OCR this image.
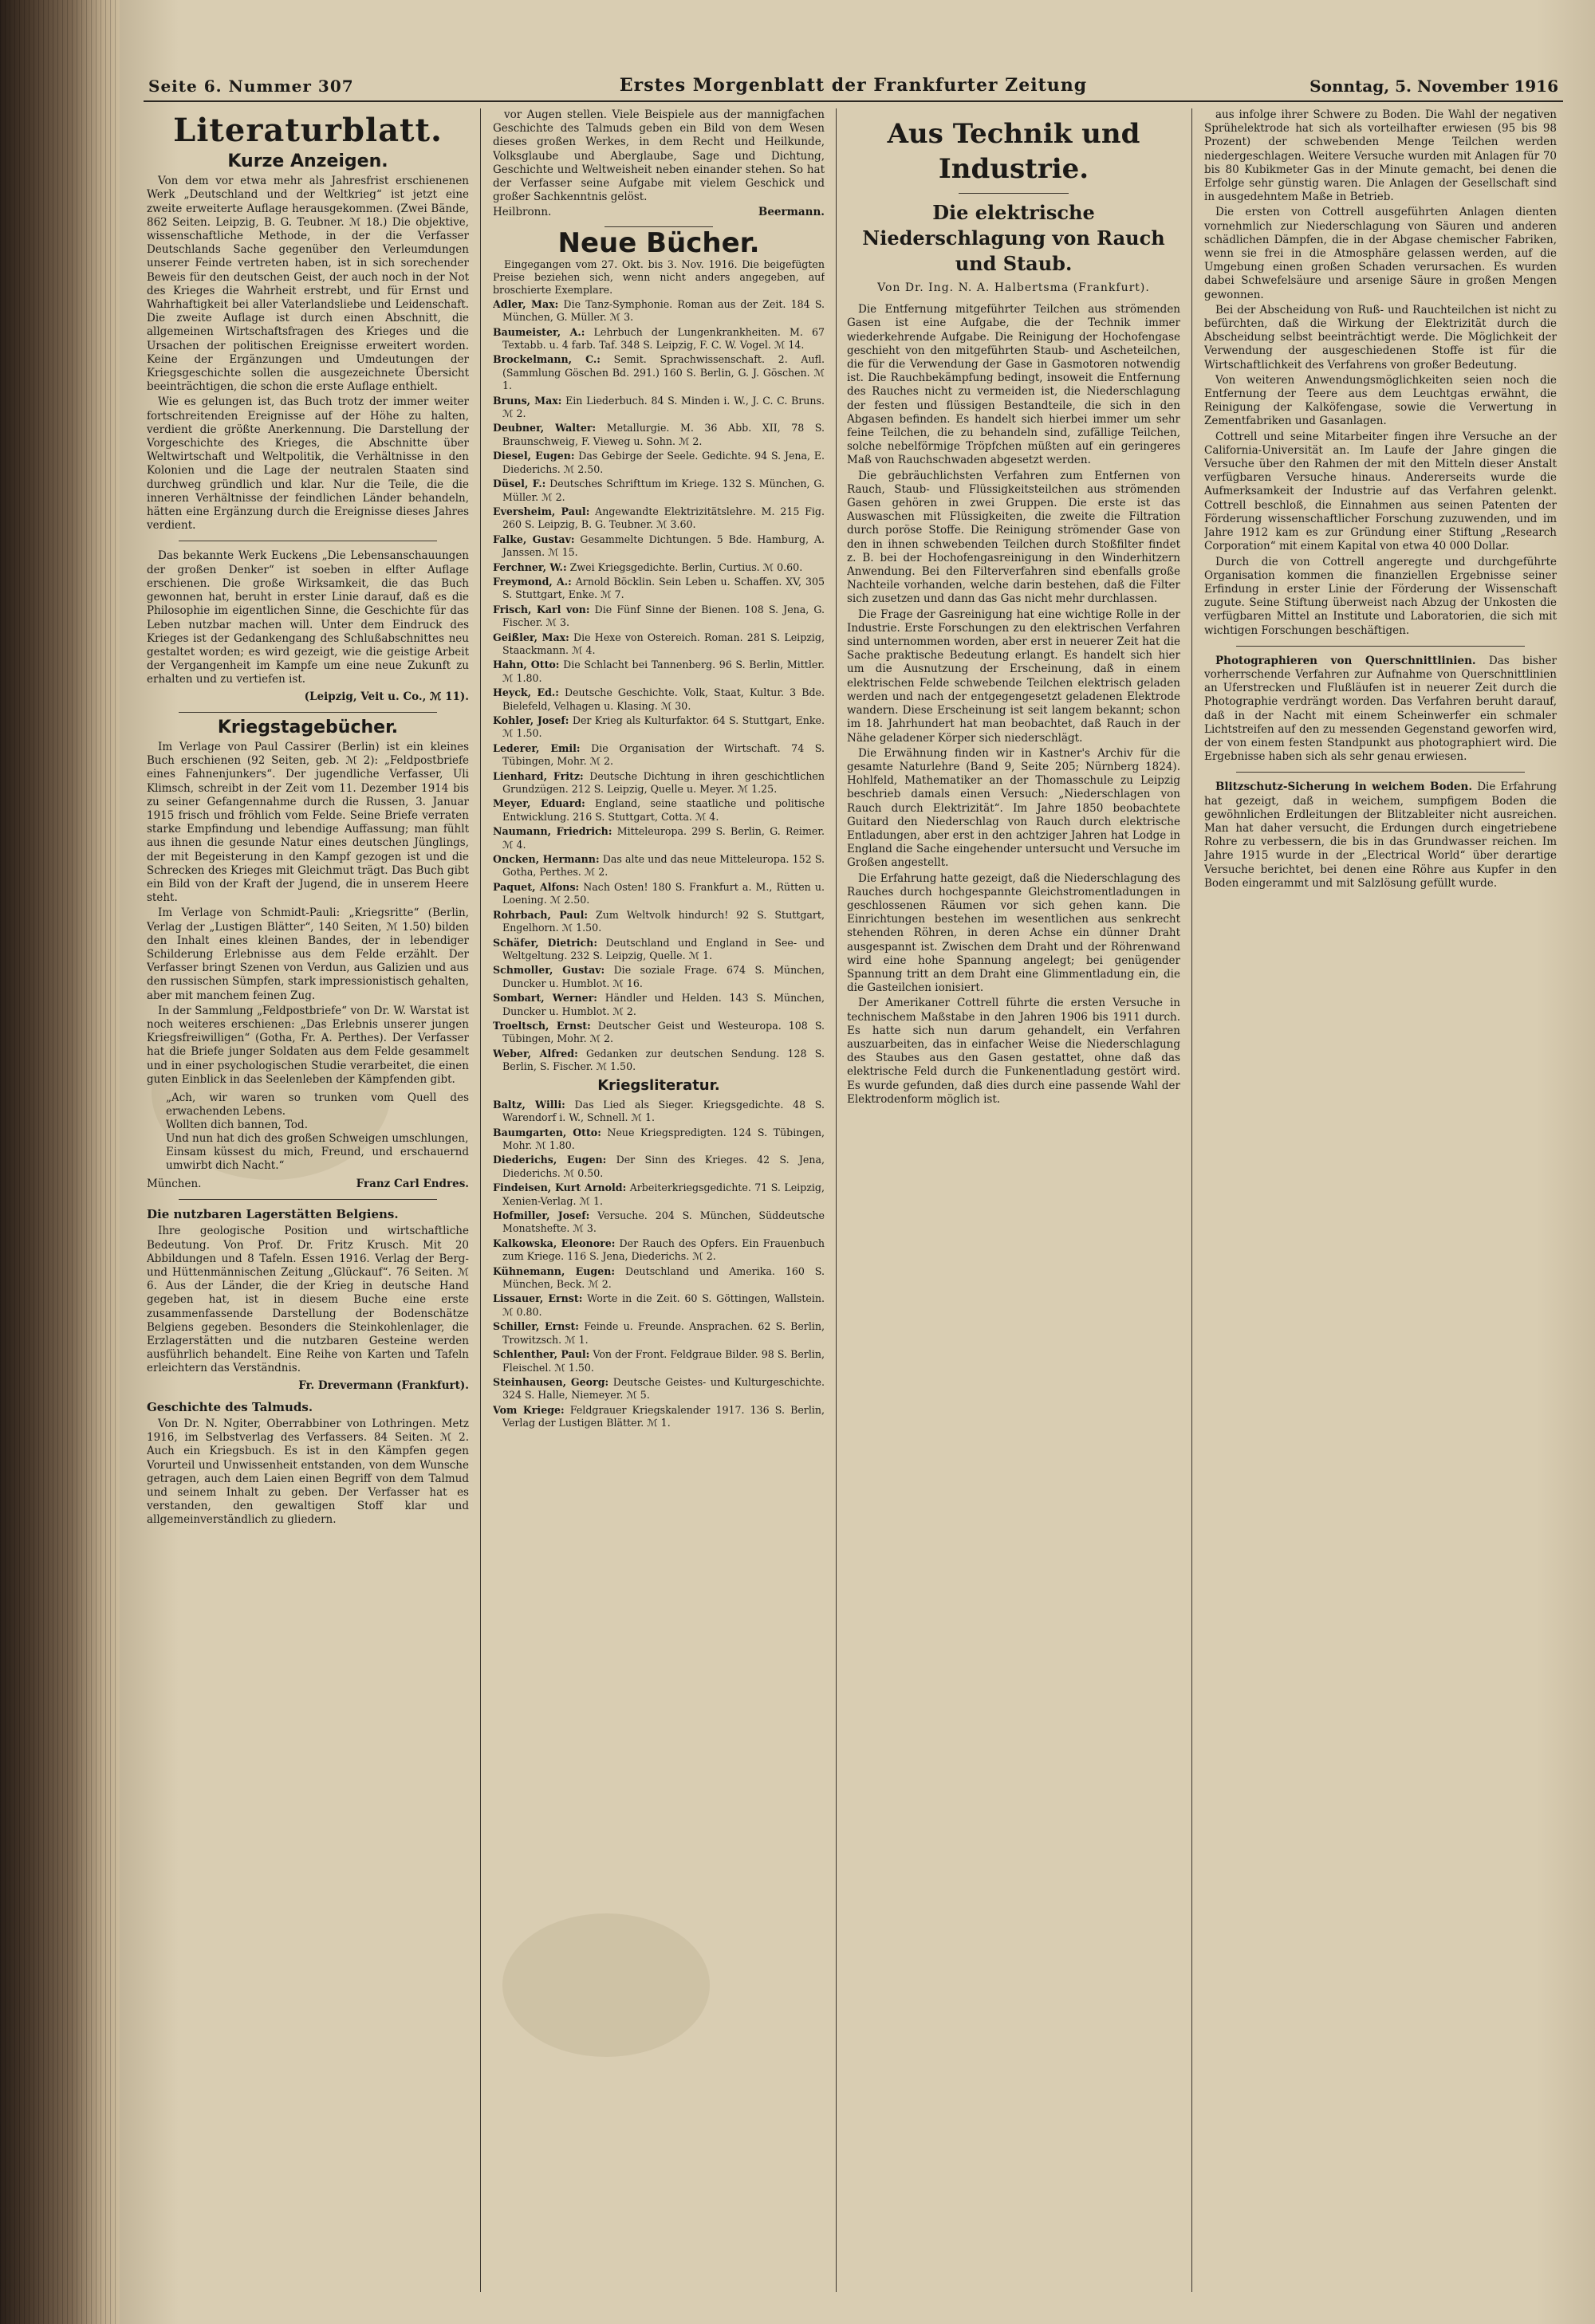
Seite 6. Nummer 307	Erstes Morgenblatt der Frankfurter Zeitung	Sonntag, 5. November 1916
Literaturblatt.
Kurze Anzeigen.

Von dem vor etwa mehr als Jahresfrist erschienenen Werk „Deutschland und der Weltkrieg“ ist jetzt eine zweite erweiterte Auflage herausgekommen. (Zwei Bände, 862 Seiten. Leipzig, B. G. Teubner. ℳ 18.) Die objektive, wissenschaftliche Methode, in der die Verfasser Deutschlands Sache gegenüber den Verleumdungen unserer Feinde vertreten haben, ist in sich sorechender Beweis für den deutschen Geist, der auch noch in der Not des Krieges die Wahrheit erstrebt, und für Ernst und Wahrhaftigkeit bei aller Vaterlandsliebe und Leidenschaft. Die zweite Auflage ist durch einen Abschnitt, die allgemeinen Wirtschaftsfragen des Krieges und die Ursachen der politischen Ereignisse erweitert worden. Keine der Ergänzungen und Umdeutungen der Kriegsgeschichte sollen die ausgezeichnete Übersicht beeinträchtigen, die schon die erste Auflage enthielt.

Wie es gelungen ist, das Buch trotz der immer weiter fortschreitenden Ereignisse auf der Höhe zu halten, verdient die größte Anerkennung. Die Darstellung der Vorgeschichte des Krieges, die Abschnitte über Weltwirtschaft und Weltpolitik, die Verhältnisse in den Kolonien und die Lage der neutralen Staaten sind durchweg gründlich und klar. Nur die Teile, die die inneren Verhältnisse der feindlichen Länder behandeln, hätten eine Ergänzung durch die Ereignisse dieses Jahres verdient.

Das bekannte Werk Euckens „Die Lebensanschauungen der großen Denker“ ist soeben in elfter Auflage erschienen. Die große Wirksamkeit, die das Buch gewonnen hat, beruht in erster Linie darauf, daß es die Philosophie im eigentlichen Sinne, die Geschichte für das Leben nutzbar machen will. Unter dem Eindruck des Krieges ist der Gedankengang des Schlußabschnittes neu gestaltet worden; es wird gezeigt, wie die geistige Arbeit der Vergangenheit im Kampfe um eine neue Zukunft zu erhalten und zu vertiefen ist.

(Leipzig, Veit u. Co., ℳ 11).

Kriegstagebücher.

Im Verlage von Paul Cassirer (Berlin) ist ein kleines Buch erschienen (92 Seiten, geb. ℳ 2): „Feldpostbriefe eines Fahnenjunkers“. Der jugendliche Verfasser, Uli Klimsch, schreibt in der Zeit vom 11. Dezember 1914 bis zu seiner Gefangennahme durch die Russen, 3. Januar 1915 frisch und fröhlich vom Felde. Seine Briefe verraten starke Empfindung und lebendige Auffassung; man fühlt aus ihnen die gesunde Natur eines deutschen Jünglings, der mit Begeisterung in den Kampf gezogen ist und die Schrecken des Krieges mit Gleichmut trägt. Das Buch gibt ein Bild von der Kraft der Jugend, die in unserem Heere steht.

Im Verlage von Schmidt-Pauli: „Kriegsritte“ (Berlin, Verlag der „Lustigen Blätter“, 140 Seiten, ℳ 1.50) bilden den Inhalt eines kleinen Bandes, der in lebendiger Schilderung Erlebnisse aus dem Felde erzählt. Der Verfasser bringt Szenen von Verdun, aus Galizien und aus den russischen Sümpfen, stark impressionistisch gehalten, aber mit manchem feinen Zug.

In der Sammlung „Feldpostbriefe“ von Dr. W. Warstat ist noch weiteres erschienen: „Das Erlebnis unserer jungen Kriegsfreiwilligen“ (Gotha, Fr. A. Perthes). Der Verfasser hat die Briefe junger Soldaten aus dem Felde gesammelt und in einer psychologischen Studie verarbeitet, die einen guten Einblick in das Seelenleben der Kämpfenden gibt.

„Ach, wir waren so trunken vom Quell des erwachenden Lebens.
Wollten dich bannen, Tod.
Und nun hat dich des großen Schweigen umschlungen,
Einsam küssest du mich, Freund, und erschauernd umwirbt dich Nacht.“
München.	Franz Carl Endres.
Die nutzbaren Lagerstätten Belgiens.

Ihre geologische Position und wirtschaftliche Bedeutung. Von Prof. Dr. Fritz Krusch. Mit 20 Abbildungen und 8 Tafeln. Essen 1916. Verlag der Berg- und Hüttenmännischen Zeitung „Glückauf“. 76 Seiten. ℳ 6. Aus der Länder, die der Krieg in deutsche Hand gegeben hat, ist in diesem Buche eine erste zusammenfassende Darstellung der Bodenschätze Belgiens gegeben. Besonders die Steinkohlenlager, die Erzlagerstätten und die nutzbaren Gesteine werden ausführlich behandelt. Eine Reihe von Karten und Tafeln erleichtern das Verständnis.

Fr. Drevermann (Frankfurt).

Geschichte des Talmuds.

Von Dr. N. Ngiter, Oberrabbiner von Lothringen. Metz 1916, im Selbstverlag des Verfassers. 84 Seiten. ℳ 2. Auch ein Kriegsbuch. Es ist in den Kämpfen gegen Vorurteil und Unwissenheit entstanden, von dem Wunsche getragen, auch dem Laien einen Begriff von dem Talmud und seinem Inhalt zu geben. Der Verfasser hat es verstanden, den gewaltigen Stoff klar und allgemeinverständlich zu gliedern.

vor Augen stellen. Viele Beispiele aus der mannigfachen Geschichte des Talmuds geben ein Bild von dem Wesen dieses großen Werkes, in dem Recht und Heilkunde, Volksglaube und Aberglaube, Sage und Dichtung, Geschichte und Weltweisheit neben einander stehen. So hat der Verfasser seine Aufgabe mit vielem Geschick und großer Sachkenntnis gelöst.

Heilbronn.	Beermann.
Neue Bücher.

Eingegangen vom 27. Okt. bis 3. Nov. 1916. Die beigefügten Preise beziehen sich, wenn nicht anders angegeben, auf broschierte Exemplare.

Adler, Max: Die Tanz-Symphonie. Roman aus der Zeit. 184 S. München, G. Müller. ℳ 3.
Baumeister, A.: Lehrbuch der Lungenkrankheiten. M. 67 Textabb. u. 4 farb. Taf. 348 S. Leipzig, F. C. W. Vogel. ℳ 14.
Brockelmann, C.: Semit. Sprachwissenschaft. 2. Aufl. (Sammlung Göschen Bd. 291.) 160 S. Berlin, G. J. Göschen. ℳ 1.
Bruns, Max: Ein Liederbuch. 84 S. Minden i. W., J. C. C. Bruns. ℳ 2.
Deubner, Walter: Metallurgie. M. 36 Abb. XII, 78 S. Braunschweig, F. Vieweg u. Sohn. ℳ 2.
Diesel, Eugen: Das Gebirge der Seele. Gedichte. 94 S. Jena, E. Diederichs. ℳ 2.50.
Düsel, F.: Deutsches Schrifttum im Kriege. 132 S. München, G. Müller. ℳ 2.
Eversheim, Paul: Angewandte Elektrizitätslehre. M. 215 Fig. 260 S. Leipzig, B. G. Teubner. ℳ 3.60.
Falke, Gustav: Gesammelte Dichtungen. 5 Bde. Hamburg, A. Janssen. ℳ 15.
Ferchner, W.: Zwei Kriegsgedichte. Berlin, Curtius. ℳ 0.60.
Freymond, A.: Arnold Böcklin. Sein Leben u. Schaffen. XV, 305 S. Stuttgart, Enke. ℳ 7.
Frisch, Karl von: Die Fünf Sinne der Bienen. 108 S. Jena, G. Fischer. ℳ 3.
Geißler, Max: Die Hexe von Ostereich. Roman. 281 S. Leipzig, Staackmann. ℳ 4.
Hahn, Otto: Die Schlacht bei Tannenberg. 96 S. Berlin, Mittler. ℳ 1.80.
Heyck, Ed.: Deutsche Geschichte. Volk, Staat, Kultur. 3 Bde. Bielefeld, Velhagen u. Klasing. ℳ 30.
Kohler, Josef: Der Krieg als Kulturfaktor. 64 S. Stuttgart, Enke. ℳ 1.50.
Lederer, Emil: Die Organisation der Wirtschaft. 74 S. Tübingen, Mohr. ℳ 2.
Lienhard, Fritz: Deutsche Dichtung in ihren geschichtlichen Grundzügen. 212 S. Leipzig, Quelle u. Meyer. ℳ 1.25.
Meyer, Eduard: England, seine staatliche und politische Entwicklung. 216 S. Stuttgart, Cotta. ℳ 4.
Naumann, Friedrich: Mitteleuropa. 299 S. Berlin, G. Reimer. ℳ 4.
Oncken, Hermann: Das alte und das neue Mitteleuropa. 152 S. Gotha, Perthes. ℳ 2.
Paquet, Alfons: Nach Osten! 180 S. Frankfurt a. M., Rütten u. Loening. ℳ 2.50.
Rohrbach, Paul: Zum Weltvolk hindurch! 92 S. Stuttgart, Engelhorn. ℳ 1.50.
Schäfer, Dietrich: Deutschland und England in See- und Weltgeltung. 232 S. Leipzig, Quelle. ℳ 1.
Schmoller, Gustav: Die soziale Frage. 674 S. München, Duncker u. Humblot. ℳ 16.
Sombart, Werner: Händler und Helden. 143 S. München, Duncker u. Humblot. ℳ 2.
Troeltsch, Ernst: Deutscher Geist und Westeuropa. 108 S. Tübingen, Mohr. ℳ 2.
Weber, Alfred: Gedanken zur deutschen Sendung. 128 S. Berlin, S. Fischer. ℳ 1.50.
Kriegsliteratur.
Baltz, Willi: Das Lied als Sieger. Kriegsgedichte. 48 S. Warendorf i. W., Schnell. ℳ 1.
Baumgarten, Otto: Neue Kriegspredigten. 124 S. Tübingen, Mohr. ℳ 1.80.
Diederichs, Eugen: Der Sinn des Krieges. 42 S. Jena, Diederichs. ℳ 0.50.
Findeisen, Kurt Arnold: Arbeiterkriegsgedichte. 71 S. Leipzig, Xenien-Verlag. ℳ 1.
Hofmiller, Josef: Versuche. 204 S. München, Süddeutsche Monatshefte. ℳ 3.
Kalkowska, Eleonore: Der Rauch des Opfers. Ein Frauenbuch zum Kriege. 116 S. Jena, Diederichs. ℳ 2.
Kühnemann, Eugen: Deutschland und Amerika. 160 S. München, Beck. ℳ 2.
Lissauer, Ernst: Worte in die Zeit. 60 S. Göttingen, Wallstein. ℳ 0.80.
Schiller, Ernst: Feinde u. Freunde. Ansprachen. 62 S. Berlin, Trowitzsch. ℳ 1.
Schlenther, Paul: Von der Front. Feldgraue Bilder. 98 S. Berlin, Fleischel. ℳ 1.50.
Steinhausen, Georg: Deutsche Geistes- und Kulturgeschichte. 324 S. Halle, Niemeyer. ℳ 5.
Vom Kriege: Feldgrauer Kriegskalender 1917. 136 S. Berlin, Verlag der Lustigen Blätter. ℳ 1.
Aus Technik und Industrie.
Die elektrische Niederschlagung von Rauch und Staub.
Von Dr. Ing. N. A. Halbertsma (Frankfurt).

Die Entfernung mitgeführter Teilchen aus strömenden Gasen ist eine Aufgabe, die der Technik immer wiederkehrende Aufgabe. Die Reinigung der Hochofengase geschieht von den mitgeführten Staub- und Ascheteilchen, die für die Verwendung der Gase in Gasmotoren notwendig ist. Die Rauchbekämpfung bedingt, insoweit die Entfernung des Rauches nicht zu vermeiden ist, die Niederschlagung der festen und flüssigen Bestandteile, die sich in den Abgasen befinden. Es handelt sich hierbei immer um sehr feine Teilchen, die zu behandeln sind, zufällige Teilchen, solche nebelförmige Tröpfchen müßten auf ein geringeres Maß von Rauchschwaden abgesetzt werden.

Die gebräuchlichsten Verfahren zum Entfernen von Rauch, Staub- und Flüssigkeitsteilchen aus strömenden Gasen gehören in zwei Gruppen. Die erste ist das Auswaschen mit Flüssigkeiten, die zweite die Filtration durch poröse Stoffe. Die Reinigung strömender Gase von den in ihnen schwebenden Teilchen durch Stoßfilter findet z. B. bei der Hochofengasreinigung in den Winderhitzern Anwendung. Bei den Filterverfahren sind ebenfalls große Nachteile vorhanden, welche darin bestehen, daß die Filter sich zusetzen und dann das Gas nicht mehr durchlassen.

Die Frage der Gasreinigung hat eine wichtige Rolle in der Industrie. Erste Forschungen zu den elektrischen Verfahren sind unternommen worden, aber erst in neuerer Zeit hat die Sache praktische Bedeutung erlangt. Es handelt sich hier um die Ausnutzung der Erscheinung, daß in einem elektrischen Felde schwebende Teilchen elektrisch geladen werden und nach der entgegengesetzt geladenen Elektrode wandern. Diese Erscheinung ist seit langem bekannt; schon im 18. Jahrhundert hat man beobachtet, daß Rauch in der Nähe geladener Körper sich niederschlägt.

Die Erwähnung finden wir in Kastner's Archiv für die gesamte Naturlehre (Band 9, Seite 205; Nürnberg 1824). Hohlfeld, Mathematiker an der Thomasschule zu Leipzig beschrieb damals einen Versuch: „Niederschlagen von Rauch durch Elektrizität“. Im Jahre 1850 beobachtete Guitard den Niederschlag von Rauch durch elektrische Entladungen, aber erst in den achtziger Jahren hat Lodge in England die Sache eingehender untersucht und Versuche im Großen angestellt.

Die Erfahrung hatte gezeigt, daß die Niederschlagung des Rauches durch hochgespannte Gleichstromentladungen in geschlossenen Räumen vor sich gehen kann. Die Einrichtungen bestehen im wesentlichen aus senkrecht stehenden Röhren, in deren Achse ein dünner Draht ausgespannt ist. Zwischen dem Draht und der Röhrenwand wird eine hohe Spannung angelegt; bei genügender Spannung tritt an dem Draht eine Glimmentladung ein, die die Gasteilchen ionisiert.

Der Amerikaner Cottrell führte die ersten Versuche in technischem Maßstabe in den Jahren 1906 bis 1911 durch. Es hatte sich nun darum gehandelt, ein Verfahren auszuarbeiten, das in einfacher Weise die Niederschlagung des Staubes aus den Gasen gestattet, ohne daß das elektrische Feld durch die Funkenentladung gestört wird. Es wurde gefunden, daß dies durch eine passende Wahl der Elektrodenform möglich ist.

aus infolge ihrer Schwere zu Boden. Die Wahl der negativen Sprühelektrode hat sich als vorteilhafter erwiesen (95 bis 98 Prozent) der schwebenden Menge Teilchen werden niedergeschlagen. Weitere Versuche wurden mit Anlagen für 70 bis 80 Kubikmeter Gas in der Minute gemacht, bei denen die Erfolge sehr günstig waren. Die Anlagen der Gesellschaft sind in ausgedehntem Maße in Betrieb.

Die ersten von Cottrell ausgeführten Anlagen dienten vornehmlich zur Niederschlagung von Säuren und anderen schädlichen Dämpfen, die in der Abgase chemischer Fabriken, wenn sie frei in die Atmosphäre gelassen werden, auf die Umgebung einen großen Schaden verursachen. Es wurden dabei Schwefelsäure und arsenige Säure in großen Mengen gewonnen.

Bei der Abscheidung von Ruß- und Rauchteilchen ist nicht zu befürchten, daß die Wirkung der Elektrizität durch die Abscheidung selbst beeinträchtigt werde. Die Möglichkeit der Verwendung der ausgeschiedenen Stoffe ist für die Wirtschaftlichkeit des Verfahrens von großer Bedeutung.

Von weiteren Anwendungsmöglichkeiten seien noch die Entfernung der Teere aus dem Leuchtgas erwähnt, die Reinigung der Kalköfengase, sowie die Verwertung in Zementfabriken und Gasanlagen.

Cottrell und seine Mitarbeiter fingen ihre Versuche an der California-Universität an. Im Laufe der Jahre gingen die Versuche über den Rahmen der mit den Mitteln dieser Anstalt verfügbaren Versuche hinaus. Andererseits wurde die Aufmerksamkeit der Industrie auf das Verfahren gelenkt. Cottrell beschloß, die Einnahmen aus seinen Patenten der Förderung wissenschaftlicher Forschung zuzuwenden, und im Jahre 1912 kam es zur Gründung einer Stiftung „Research Corporation“ mit einem Kapital von etwa 40 000 Dollar.

Durch die von Cottrell angeregte und durchgeführte Organisation kommen die finanziellen Ergebnisse seiner Erfindung in erster Linie der Förderung der Wissenschaft zugute. Seine Stiftung überweist nach Abzug der Unkosten die verfügbaren Mittel an Institute und Laboratorien, die sich mit wichtigen Forschungen beschäftigen.

Photographieren von Querschnittlinien. Das bisher vorherrschende Verfahren zur Aufnahme von Querschnittlinien an Uferstrecken und Flußläufen ist in neuerer Zeit durch die Photographie verdrängt worden. Das Verfahren beruht darauf, daß in der Nacht mit einem Scheinwerfer ein schmaler Lichtstreifen auf den zu messenden Gegenstand geworfen wird, der von einem festen Standpunkt aus photographiert wird. Die Ergebnisse haben sich als sehr genau erwiesen.

Blitzschutz-Sicherung in weichem Boden. Die Erfahrung hat gezeigt, daß in weichem, sumpfigem Boden die gewöhnlichen Erdleitungen der Blitzableiter nicht ausreichen. Man hat daher versucht, die Erdungen durch eingetriebene Rohre zu verbessern, die bis in das Grundwasser reichen. Im Jahre 1915 wurde in der „Electrical World“ über derartige Versuche berichtet, bei denen eine Röhre aus Kupfer in den Boden eingerammt und mit Salzlösung gefüllt wurde.
